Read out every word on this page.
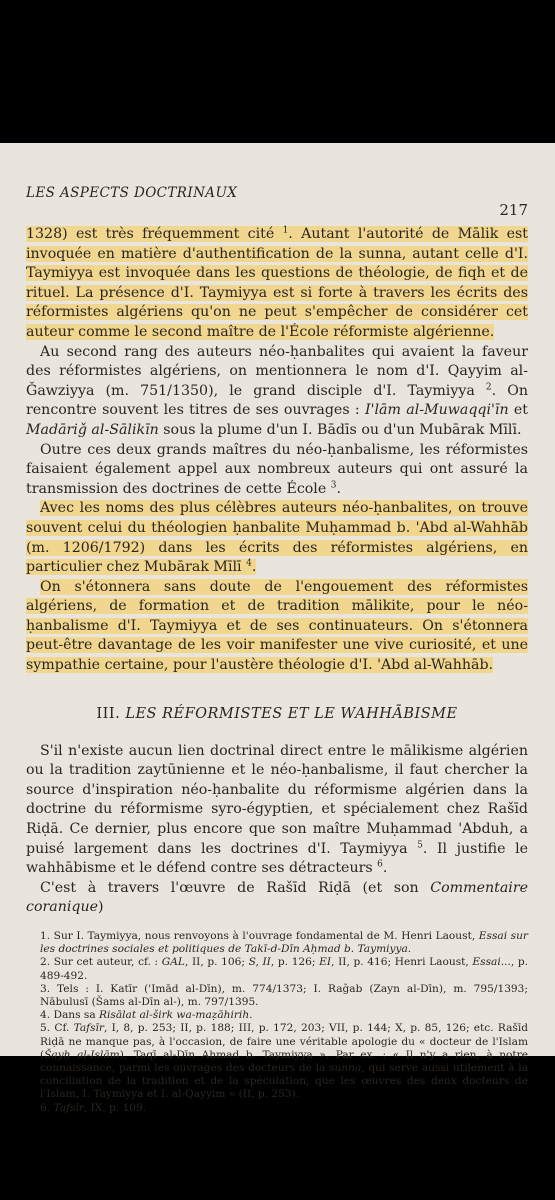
LES ASPECTS DOCTRINAUX
217

1328) est très fréquemment cité $^1$. Autant l'autorité de Mālik est invoquée en matière d'authentification de la sunna, autant celle d'I. Taymiyya est invoquée dans les questions de théologie, de fiqh et de rituel. La présence d'I. Taymiyya est si forte à travers les écrits des réformistes algériens qu'on ne peut s'empêcher de considérer cet auteur comme le second maître de l'École réformiste algérienne.

Au second rang des auteurs néo-ḥanbalites qui avaient la faveur des réformistes algériens, on mentionnera le nom d'I. Qayyim al-Ǧawziyya (m. 751/1350), le grand disciple d'I. Taymiyya $^2$. On rencontre souvent les titres de ses ouvrages : I'lām al-Muwaqqi'īn et Madāriǧ al-Sālikīn sous la plume d'un I. Bādīs ou d'un Mubārak Mīlī.

Outre ces deux grands maîtres du néo-ḥanbalisme, les réformistes faisaient également appel aux nombreux auteurs qui ont assuré la transmission des doctrines de cette École $^3$.

Avec les noms des plus célèbres auteurs néo-ḥanbalites, on trouve souvent celui du théologien ḥanbalite Muḥammad b. 'Abd al-Wahhāb (m. 1206/1792) dans les écrits des réformistes algériens, en particulier chez Mubārak Mīlī $^4$.

On s'étonnera sans doute de l'engouement des réformistes algériens, de formation et de tradition mālikite, pour le néo-ḥanbalisme d'I. Taymiyya et de ses continuateurs. On s'étonnera peut-être davantage de les voir manifester une vive curiosité, et une sympathie certaine, pour l'austère théologie d'I. 'Abd al-Wahhāb.

III. LES RÉFORMISTES ET LE WAHHĀBISME

S'il n'existe aucun lien doctrinal direct entre le mālikisme algérien ou la tradition zaytūnienne et le néo-ḥanbalisme, il faut chercher la source d'inspiration néo-ḥanbalite du réformisme algérien dans la doctrine du réformisme syro-égyptien, et spécialement chez Rašīd Riḍā. Ce dernier, plus encore que son maître Muḥammad 'Abduh, a puisé largement dans les doctrines d'I. Taymiyya $^5$. Il justifie le wahhābisme et le défend contre ses détracteurs $^6$.

C'est à travers l'œuvre de Rašīd Riḍā (et son Commentaire coranique)

1. Sur I. Taymiyya, nous renvoyons à l'ouvrage fondamental de M. Henri Laoust, Essai sur les doctrines sociales et politiques de Takī-d-Dīn Aḥmad b. Taymiyya.

2. Sur cet auteur, cf. : GAL, II, p. 106; S, II, p. 126; EI, II, p. 416; Henri Laoust, Essai..., p. 489-492.

3. Tels : I. Katīr ('Imād al-Dīn), m. 774/1373; I. Raǧab (Zayn al-Dīn), m. 795/1393; Nābulusī (Šams al-Dīn al-), m. 797/1395.

4. Dans sa Risālat al-širk wa-maẓāhirih.

5. Cf. Tafsīr, I, 8, p. 253; II, p. 188; III, p. 172, 203; VII, p. 144; X, p. 85, 126; etc. Rašīd Riḍā ne manque pas, à l'occasion, de faire une véritable apologie du « docteur de l'Islam (Šayḫ al-Islām), Taqī al-Dīn Aḥmad b. Taymiyya ». Par ex. : « Il n'y a rien, à notre connaissance, parmi les ouvrages des docteurs de la sunna, qui serve aussi utilement à la conciliation de la tradition et de la spéculation, que les œuvres des deux docteurs de l'Islam, I. Taymiyya et I. al-Qayyim » (II, p. 253).

6. Tafsīr, IX, p. 109.
